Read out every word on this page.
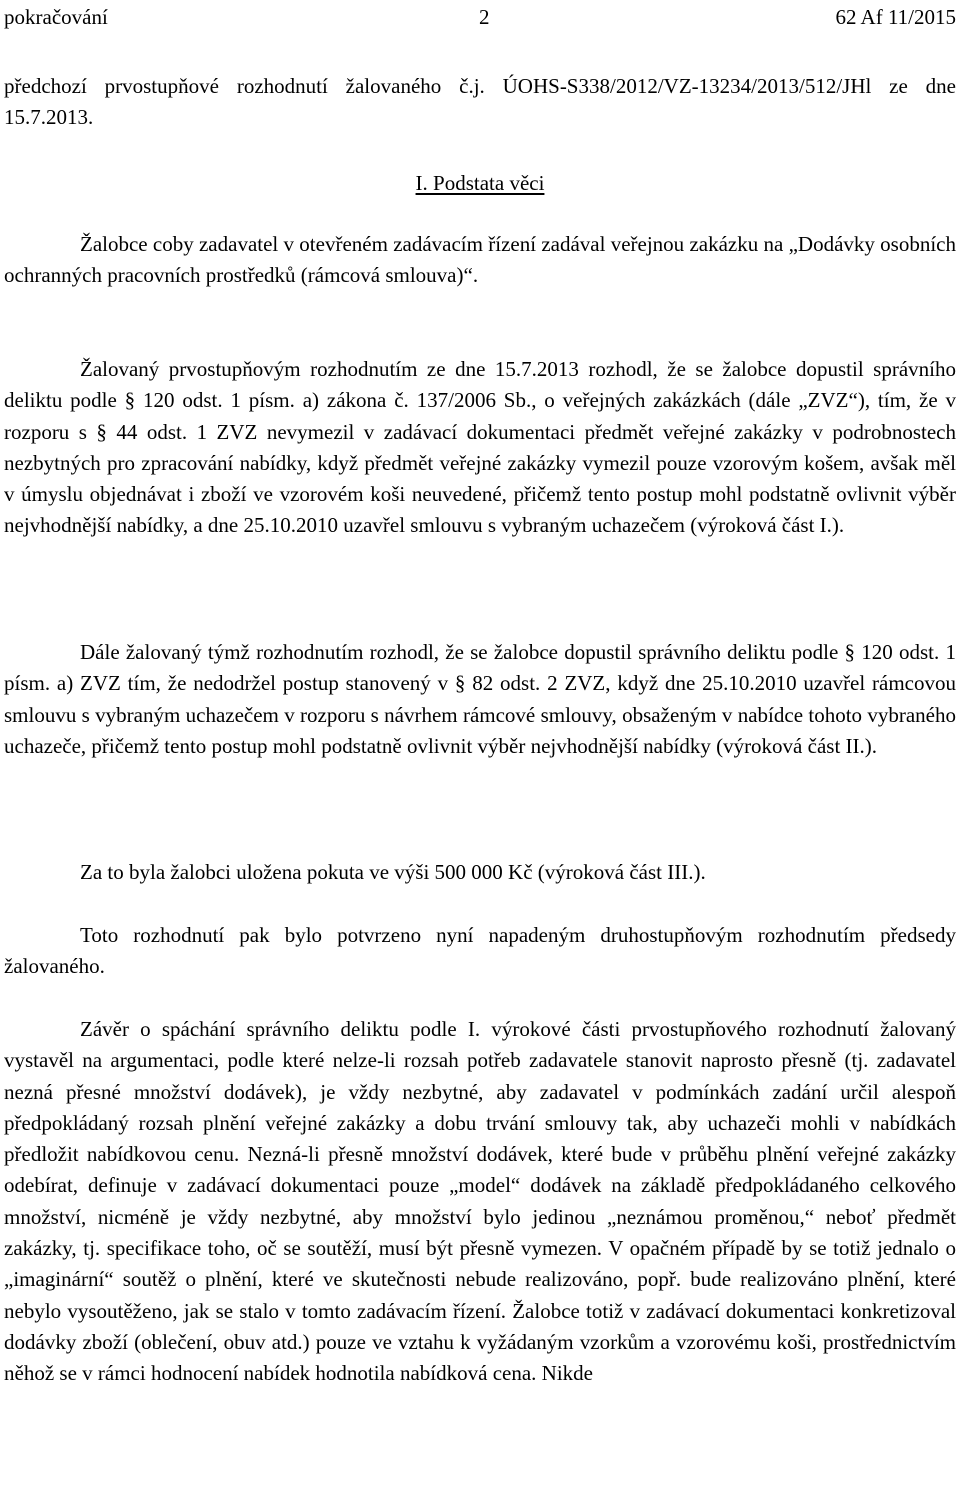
pokračování	2	62 Af 11/2015

předchozí prvostupňové rozhodnutí žalovaného č.j. ÚOHS-S338/2012/VZ-13234/2013/512/JHl ze dne 15.7.2013.

I. Podstata věci

Žalobce coby zadavatel v otevřeném zadávacím řízení zadával veřejnou zakázku na „Dodávky osobních ochranných pracovních prostředků (rámcová smlouva)“.

Žalovaný prvostupňovým rozhodnutím ze dne 15.7.2013 rozhodl, že se žalobce dopustil správního deliktu podle § 120 odst. 1 písm. a) zákona č. 137/2006 Sb., o veřejných zakázkách (dále „ZVZ“), tím, že v rozporu s § 44 odst. 1 ZVZ nevymezil v zadávací dokumentaci předmět veřejné zakázky v podrobnostech nezbytných pro zpracování nabídky, když předmět veřejné zakázky vymezil pouze vzorovým košem, avšak měl v úmyslu objednávat i zboží ve vzorovém koši neuvedené, přičemž tento postup mohl podstatně ovlivnit výběr nejvhodnější nabídky, a dne 25.10.2010 uzavřel smlouvu s vybraným uchazečem (výroková část I.).

Dále žalovaný týmž rozhodnutím rozhodl, že se žalobce dopustil správního deliktu podle § 120 odst. 1 písm. a) ZVZ tím, že nedodržel postup stanovený v § 82 odst. 2 ZVZ, když dne 25.10.2010 uzavřel rámcovou smlouvu s vybraným uchazečem v rozporu s návrhem rámcové smlouvy, obsaženým v nabídce tohoto vybraného uchazeče, přičemž tento postup mohl podstatně ovlivnit výběr nejvhodnější nabídky (výroková část II.).

Za to byla žalobci uložena pokuta ve výši 500 000 Kč (výroková část III.).

Toto rozhodnutí pak bylo potvrzeno nyní napadeným druhostupňovým rozhodnutím předsedy žalovaného.

Závěr o spáchání správního deliktu podle I. výrokové části prvostupňového rozhodnutí žalovaný vystavěl na argumentaci, podle které nelze-li rozsah potřeb zadavatele stanovit naprosto přesně (tj. zadavatel nezná přesné množství dodávek), je vždy nezbytné, aby zadavatel v podmínkách zadání určil alespoň předpokládaný rozsah plnění veřejné zakázky a dobu trvání smlouvy tak, aby uchazeči mohli v nabídkách předložit nabídkovou cenu. Nezná-li přesně množství dodávek, které bude v průběhu plnění veřejné zakázky odebírat, definuje v zadávací dokumentaci pouze „model“ dodávek na základě předpokládaného celkového množství, nicméně je vždy nezbytné, aby množství bylo jedinou „neznámou proměnou,“ neboť předmět zakázky, tj. specifikace toho, oč se soutěží, musí být přesně vymezen. V opačném případě by se totiž jednalo o „imaginární“ soutěž o plnění, které ve skutečnosti nebude realizováno, popř. bude realizováno plnění, které nebylo vysoutěženo, jak se stalo v tomto zadávacím řízení. Žalobce totiž v zadávací dokumentaci konkretizoval dodávky zboží (oblečení, obuv atd.) pouze ve vztahu k vyžádaným vzorkům a vzorovému koši, prostřednictvím něhož se v rámci hodnocení nabídek hodnotila nabídková cena. Nikde
